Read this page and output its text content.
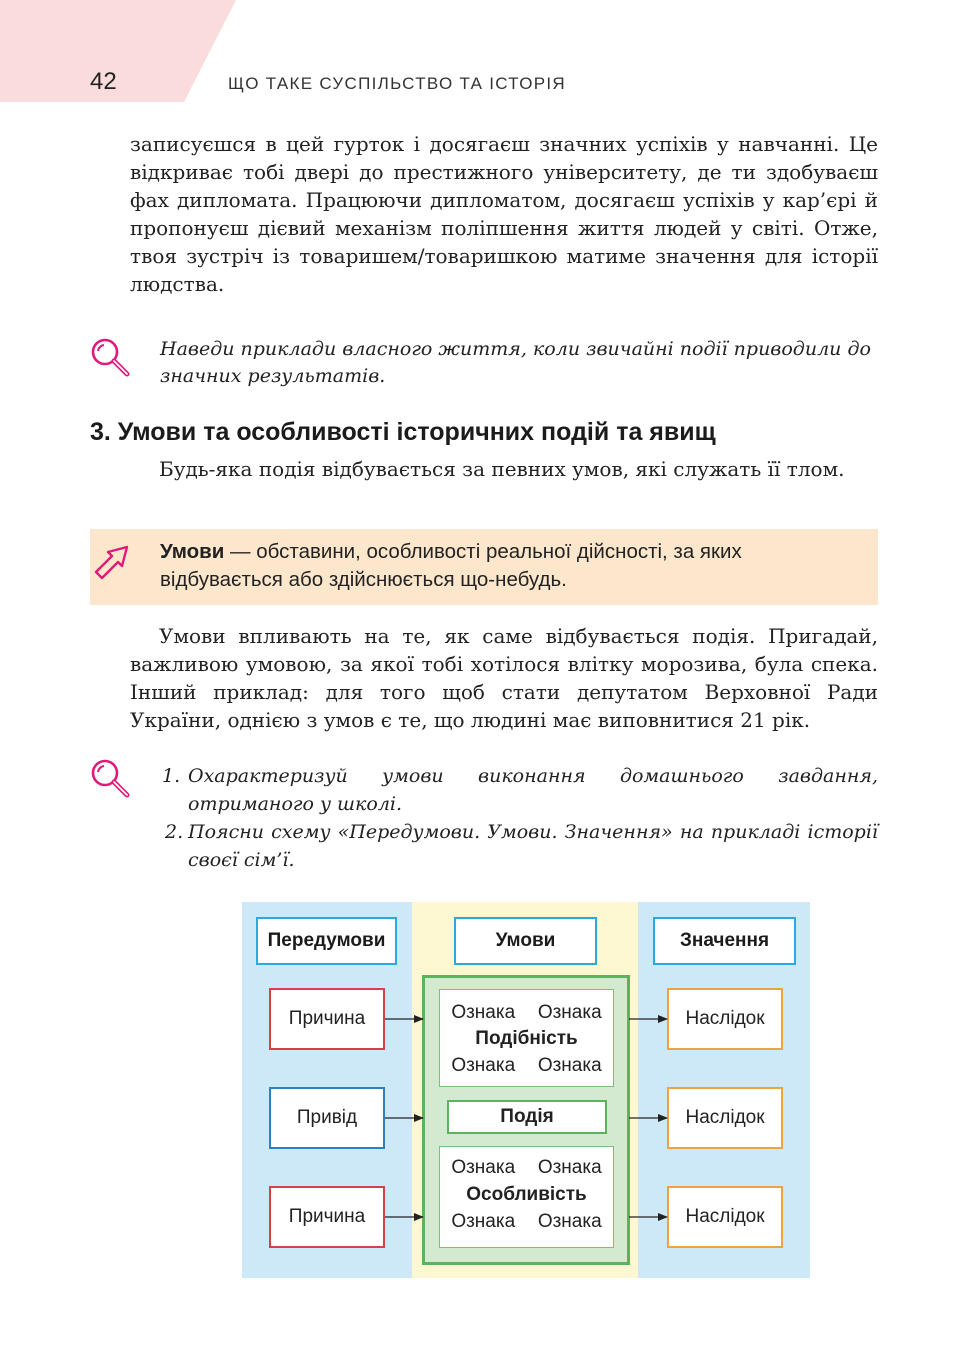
42	ЩО ТАКЕ СУСПІЛЬСТВО ТА ІСТОРІЯ

записуєшся в цей гурток і досягаєш значних успіхів у навчанні. Це відкриває тобі двері до престижного університету, де ти здобуваєш фах дипломата. Працюючи дипломатом, досягаєш успіхів у кар’єрі й пропонуєш дієвий механізм поліпшення життя людей у світі. Отже, твоя зустріч із товаришем/товаришкою матиме значення для історії людства.

Наведи приклади власного життя, коли звичайні події приводили до значних результатів.

3. Умови та особливості історичних подій та явищ

Будь-яка подія відбувається за певних умов, які служать її тлом.

Умови — обставини, особливості реальної дійсності, за яких відбувається або здійснюється що-небудь.

Умови впливають на те, як саме відбувається подія. Пригадай, важливою умовою, за якої тобі хотілося влітку морозива, була спека. Інший приклад: для того щоб стати депутатом Верховної Ради України, однією з умов є те, що людині має виповнитися 21 рік.

1. Охарактеризуй умови виконання домашнього завдання, отриманого у школі.
2. Поясни схему «Передумови. Умови. Значення» на прикладі історії своєї сім’ї.
Передумови	Умови	Значення
Причина
Привід
Причина
Ознака Ознака
Подібність
Ознака Ознака
Подія
Ознака Ознака
Особливість
Ознака Ознака
Наслідок
Наслідок
Наслідок
